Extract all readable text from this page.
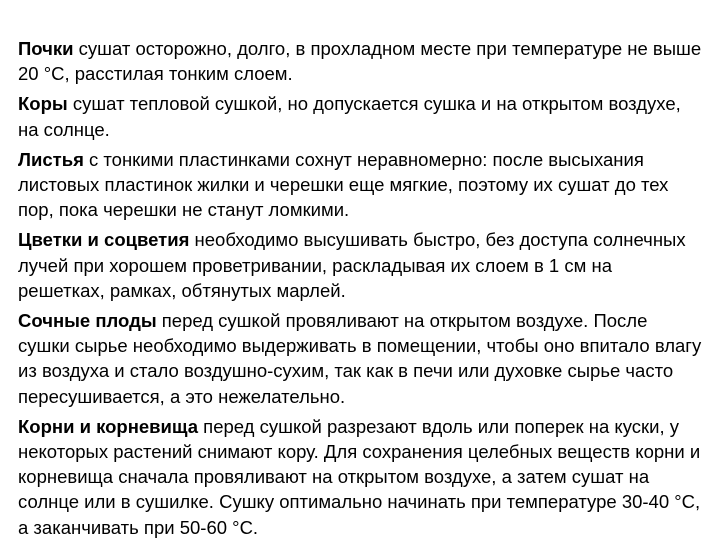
Почки сушат осторожно, долго, в прохладном месте при температуре не выше 20 °С, расстилая тонким слоем.

Коры сушат тепловой сушкой, но допускается сушка и на открытом воздухе, на солнце.

Листья с тонкими пластинками сохнут неравномерно: после высыхания листовых пластинок жилки и черешки еще мягкие, поэтому их сушат до тех пор, пока черешки не станут ломкими.

Цветки и соцветия необходимо высушивать быстро, без доступа солнечных лучей при хорошем проветривании, раскладывая их слоем в 1 см на решетках, рамках, обтянутых марлей.

Сочные плоды перед сушкой провяливают на открытом воздухе. После сушки сырье необходимо выдерживать в помещении, чтобы оно впитало влагу из воздуха и стало воздушно-сухим, так как в печи или духовке сырье часто пересушивается, а это нежелательно.

Корни и корневища перед сушкой разрезают вдоль или поперек на куски, у некоторых растений снимают кору. Для сохранения целебных веществ корни и корневища сначала провяливают на открытом воздухе, а затем сушат на солнце или в сушилке. Сушку оптимально начинать при температуре 30-40 °С, а заканчивать при 50-60 °С.
